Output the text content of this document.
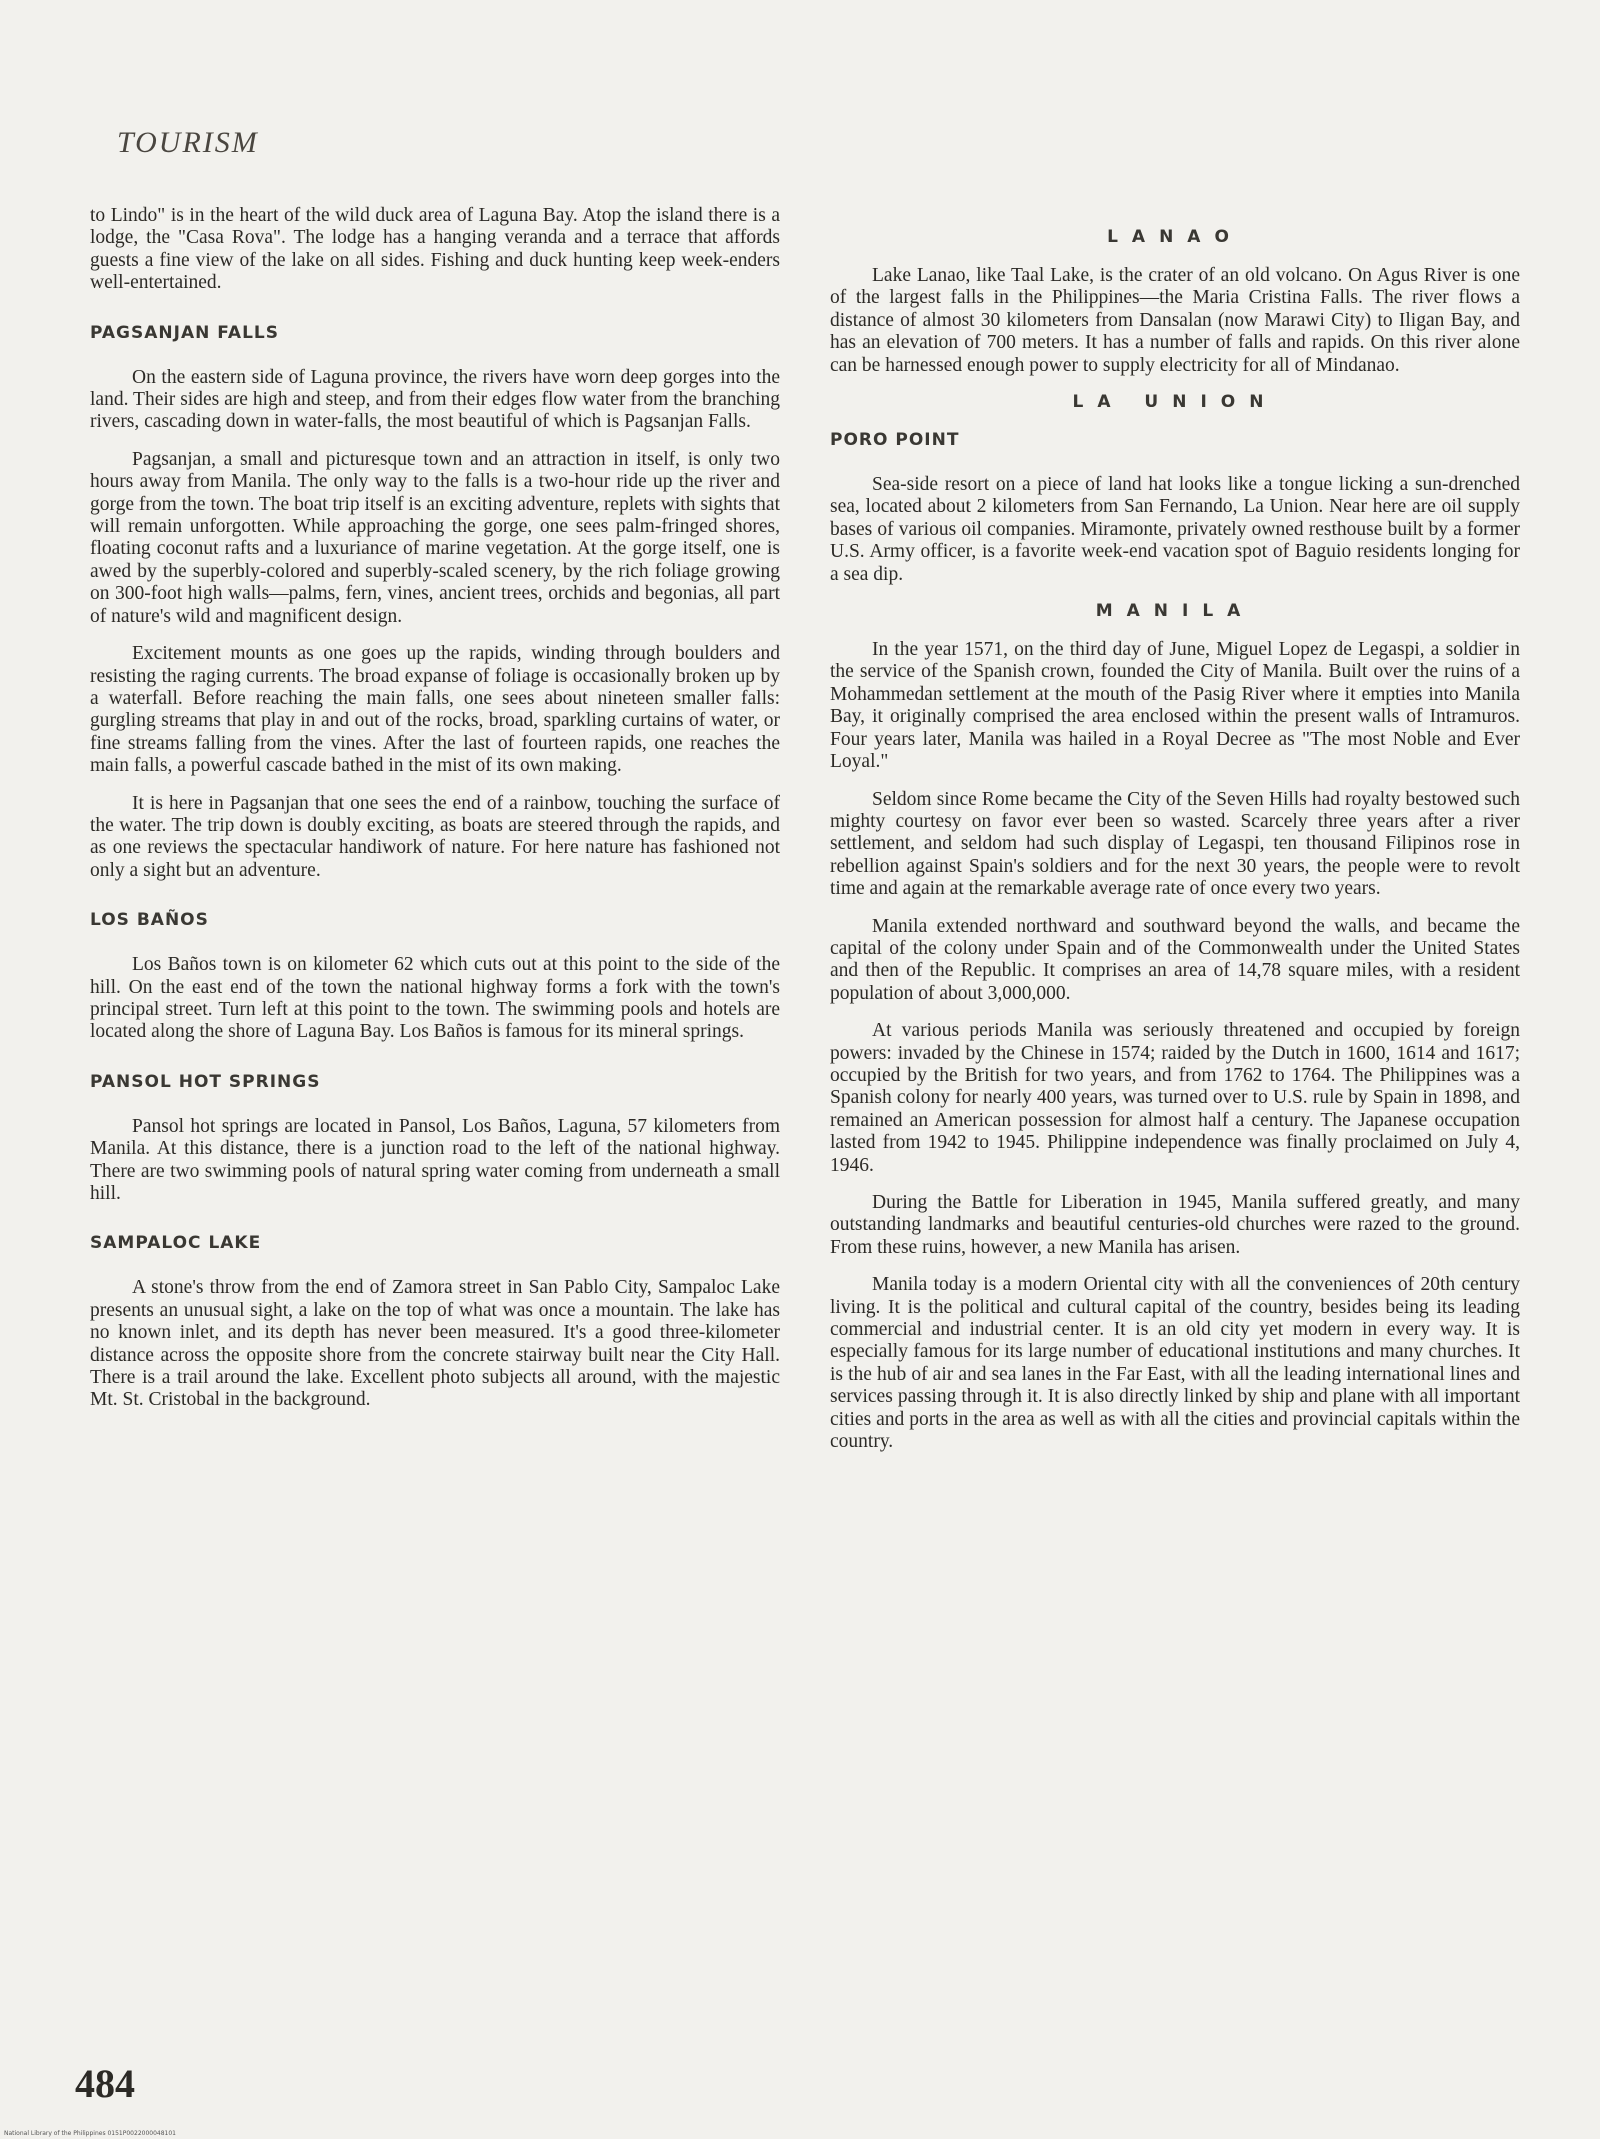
TOURISM

to Lindo" is in the heart of the wild duck area of Laguna Bay. Atop the island there is a lodge, the "Casa Rova". The lodge has a hanging veranda and a terrace that affords guests a fine view of the lake on all sides. Fishing and duck hunting keep week-enders well-entertained.

PAGSANJAN FALLS

On the eastern side of Laguna province, the rivers have worn deep gorges into the land. Their sides are high and steep, and from their edges flow water from the branching rivers, cascading down in water-falls, the most beautiful of which is Pagsanjan Falls.

Pagsanjan, a small and picturesque town and an attraction in itself, is only two hours away from Manila. The only way to the falls is a two-hour ride up the river and gorge from the town. The boat trip itself is an exciting adventure, replets with sights that will remain unforgotten. While approaching the gorge, one sees palm-fringed shores, floating coconut rafts and a luxuriance of marine vegetation. At the gorge itself, one is awed by the superbly-colored and superbly-scaled scenery, by the rich foliage growing on 300-foot high walls—palms, fern, vines, ancient trees, orchids and begonias, all part of nature's wild and magnificent design.

Excitement mounts as one goes up the rapids, winding through boulders and resisting the raging currents. The broad expanse of foliage is occasionally broken up by a waterfall. Before reaching the main falls, one sees about nineteen smaller falls: gurgling streams that play in and out of the rocks, broad, sparkling curtains of water, or fine streams falling from the vines. After the last of fourteen rapids, one reaches the main falls, a powerful cascade bathed in the mist of its own making.

It is here in Pagsanjan that one sees the end of a rainbow, touching the surface of the water. The trip down is doubly exciting, as boats are steered through the rapids, and as one reviews the spectacular handiwork of nature. For here nature has fashioned not only a sight but an adventure.

LOS BAÑOS

Los Baños town is on kilometer 62 which cuts out at this point to the side of the hill. On the east end of the town the national highway forms a fork with the town's principal street. Turn left at this point to the town. The swimming pools and hotels are located along the shore of Laguna Bay. Los Baños is famous for its mineral springs.

PANSOL HOT SPRINGS

Pansol hot springs are located in Pansol, Los Baños, Laguna, 57 kilometers from Manila. At this distance, there is a junction road to the left of the national highway. There are two swimming pools of natural spring water coming from underneath a small hill.

SAMPALOC LAKE

A stone's throw from the end of Zamora street in San Pablo City, Sampaloc Lake presents an unusual sight, a lake on the top of what was once a mountain. The lake has no known inlet, and its depth has never been measured. It's a good three-kilometer distance across the opposite shore from the concrete stairway built near the City Hall. There is a trail around the lake. Excellent photo subjects all around, with the majestic Mt. St. Cristobal in the background.

LANAO

Lake Lanao, like Taal Lake, is the crater of an old volcano. On Agus River is one of the largest falls in the Philippines—the Maria Cristina Falls. The river flows a distance of almost 30 kilometers from Dansalan (now Marawi City) to Iligan Bay, and has an elevation of 700 meters. It has a number of falls and rapids. On this river alone can be harnessed enough power to supply electricity for all of Mindanao.

LA UNION
PORO POINT

Sea-side resort on a piece of land hat looks like a tongue licking a sun-drenched sea, located about 2 kilometers from San Fernando, La Union. Near here are oil supply bases of various oil companies. Miramonte, privately owned resthouse built by a former U.S. Army officer, is a favorite week-end vacation spot of Baguio residents longing for a sea dip.

MANILA

In the year 1571, on the third day of June, Miguel Lopez de Legaspi, a soldier in the service of the Spanish crown, founded the City of Manila. Built over the ruins of a Mohammedan settlement at the mouth of the Pasig River where it empties into Manila Bay, it originally comprised the area enclosed within the present walls of Intramuros. Four years later, Manila was hailed in a Royal Decree as "The most Noble and Ever Loyal."

Seldom since Rome became the City of the Seven Hills had royalty bestowed such mighty courtesy on favor ever been so wasted. Scarcely three years after a river settlement, and seldom had such display of Legaspi, ten thousand Filipinos rose in rebellion against Spain's soldiers and for the next 30 years, the people were to revolt time and again at the remarkable average rate of once every two years.

Manila extended northward and southward beyond the walls, and became the capital of the colony under Spain and of the Commonwealth under the United States and then of the Republic. It comprises an area of 14,78 square miles, with a resident population of about 3,000,000.

At various periods Manila was seriously threatened and occupied by foreign powers: invaded by the Chinese in 1574; raided by the Dutch in 1600, 1614 and 1617; occupied by the British for two years, and from 1762 to 1764. The Philippines was a Spanish colony for nearly 400 years, was turned over to U.S. rule by Spain in 1898, and remained an American possession for almost half a century. The Japanese occupation lasted from 1942 to 1945. Philippine independence was finally proclaimed on July 4, 1946.

During the Battle for Liberation in 1945, Manila suffered greatly, and many outstanding landmarks and beautiful centuries-old churches were razed to the ground. From these ruins, however, a new Manila has arisen.

Manila today is a modern Oriental city with all the conveniences of 20th century living. It is the political and cultural capital of the country, besides being its leading commercial and industrial center. It is an old city yet modern in every way. It is especially famous for its large number of educational institutions and many churches. It is the hub of air and sea lanes in the Far East, with all the leading international lines and services passing through it. It is also directly linked by ship and plane with all important cities and ports in the area as well as with all the cities and provincial capitals within the country.

484
National Library of the Philippines 0151P0022000048101
